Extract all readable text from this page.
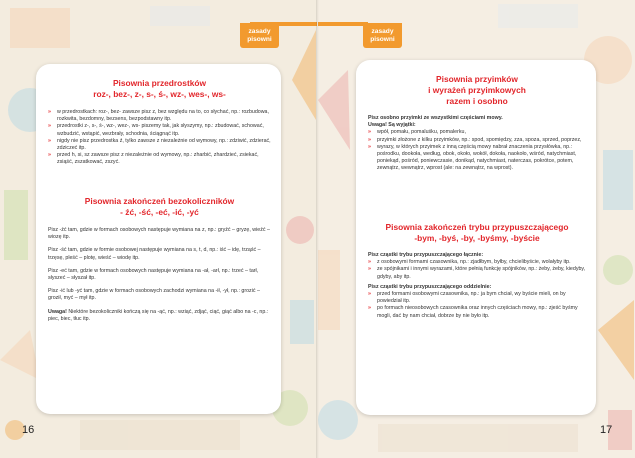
zasady
pisowni
zasady
pisowni
Pisownia przedrostków
roz-, bez-, z-, s-, ś-, wz-, wes-, ws-
» w przedrostkach: roz-, bez- zawsze pisz z, bez względu na to, co słychać, np.: rozbudowa, rozkwita, bezdomny, bezsens, bezpodstawny itp.
» przedrostki z-, s-, ś-, wz-, wez-, ws- piszemy tak, jak słyszymy, np.: zbudować, schować, wzbudzić, wstąpić, wezbrały, schodnia, ściągnąć itp.
» nigdy nie pisz przedrostka ź, tylko zawsze z niezależnie od wymowy, np.: zdziwić, zdzierać, zdziczeć itp.
» przed h, si, sz zawsze pisz z niezależnie od wymowy, np.: zharbić, zhardzieć, zsiekać, zsiąść, zszatkować, zszyć.
Pisownia zakończeń bezokoliczników
- źć, -ść, -eć, -ić, -yć

Pisz -źć tam, gdzie w formach osobowych następuje wymiana na z, np.: gryźć – gryzę, wieźć – wiozę itp.

Pisz -ść tam, gdzie w formie osobowej następuje wymiana na s, t, d, np.: iść – idę, trząść – trzęsę, pleść – plotę, wieść – wiodę itp.

Pisz -eć tam, gdzie w formach osobowych następuje wymiana na -ał, -arł, np.: trzeć – tarł, słyszeć – słyszał itp.

Pisz -ić lub -yć tam, gdzie w formach osobowych zachodzi wymiana na -ił, -ył, np.: grozić – groził, myć – mył itp.

Uwaga! Niektóre bezokoliczniki kończą się na -ąć, np.: wziąć, zdjąć, ciąć, giąć albo na -c, np.: piec, biec, tłuc itp.

Pisownia przyimków
i wyrażeń przyimkowych
razem i osobno
Pisz osobno przyimki ze wszystkimi częściami mowy.
Uwaga! Są wyjątki:
» wpół, pomału, pomaluśku, pomalerku,
» przyimki złożone z kilku przyimków, np.: spod, spomiędzy, zza, spoza, sprzed, poprzez,
» wyrazy, w których przyimek z inną częścią mowy nabrał znaczenia przysłówka, np.: pośrodku, dookoła, według, obok, około, wokół, dokoła, naokoło, wśród, natychmiast, poniekąd, pośród, poniewczasie, donikąd, natychmiast, naterczas, pokrótce, potem, zewnątrz, wewnątrz, wprost (ale: na zewnątrz, na wprost).
Pisownia zakończeń trybu przypuszczającego
-bym, -byś, -by, -byśmy, -byście
Pisz cząstki trybu przypuszczającego łącznie:
» z osobowymi formami czasownika, np.: zjadłbym, byłby, chcielibyście, wolałyby itp.
» ze spójnikami i innymi wyrazami, które pełnią funkcję spójników, np.: żeby, żeby, kiedyby, gdyby, aby itp.
Pisz cząstki trybu przypuszczającego oddzielnie:
» przed formami osobowymi czasownika, np.: ja bym chciał, wy byście mieli, on by powiedział itp.
» po formach nieosobowych czasownika oraz innych częściach mowy, np.: zjeść byśmy mogli, dać by nam chciał, dobrze by nie było itp.
16	17
